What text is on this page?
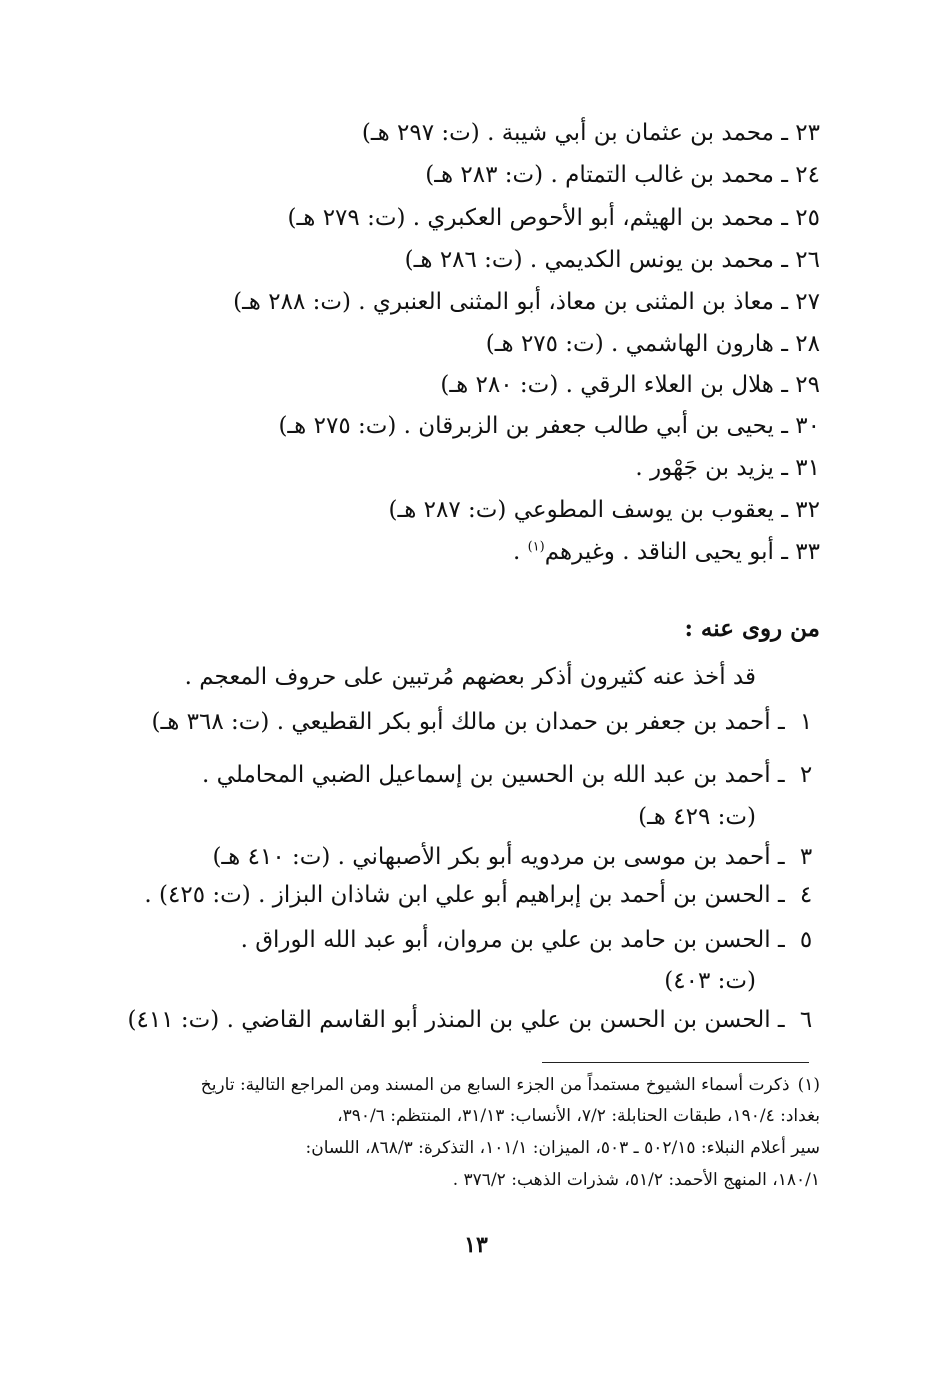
٢٣ ـ محمد بن عثمان بن أبي شيبة . (ت: ٢٩٧ هـ)
٢٤ ـ محمد بن غالب التمتام . (ت: ٢٨٣ هـ)
٢٥ ـ محمد بن الهيثم، أبو الأحوص العكبري . (ت: ٢٧٩ هـ)
٢٦ ـ محمد بن يونس الكديمي . (ت: ٢٨٦ هـ)
٢٧ ـ معاذ بن المثنى بن معاذ، أبو المثنى العنبري . (ت: ٢٨٨ هـ)
٢٨ ـ هارون الهاشمي . (ت: ٢٧٥ هـ)
٢٩ ـ هلال بن العلاء الرقي . (ت: ٢٨٠ هـ)
٣٠ ـ يحيى بن أبي طالب جعفر بن الزبرقان . (ت: ٢٧٥ هـ)
٣١ ـ يزيد بن جَهْور .
٣٢ ـ يعقوب بن يوسف المطوعي (ت: ٢٨٧ هـ)
٣٣ ـ أبو يحيى الناقد . وغيرهم$^{(١)}$ .
من روى عنه :
قد أخذ عنه كثيرون أذكر بعضهم مُرتبين على حروف المعجم .
١ ـ أحمد بن جعفر بن حمدان بن مالك أبو بكر القطيعي . (ت: ٣٦٨ هـ)
٢ ـ أحمد بن عبد الله بن الحسين بن إسماعيل الضبي المحاملي .
(ت: ٤٢٩ هـ)
٣ ـ أحمد بن موسى بن مردويه أبو بكر الأصبهاني . (ت: ٤١٠ هـ)
٤ ـ الحسن بن أحمد بن إبراهيم أبو علي ابن شاذان البزاز . (ت: ٤٢٥) .
٥ ـ الحسن بن حامد بن علي بن مروان، أبو عبد الله الوراق .
(ت: ٤٠٣)
٦ ـ الحسن بن الحسن بن علي بن المنذر أبو القاسم القاضي . (ت: ٤١١)
(١)ذكرت أسماء الشيوخ مستمداً من الجزء السابع من المسند ومن المراجع التالية: تاريخ
بغداد: ١٩٠/٤، طبقات الحنابلة: ٧/٢، الأنساب: ٣١/١٣، المنتظم: ٣٩٠/٦،
سير أعلام النبلاء: ٥٠٢/١٥ ـ ٥٠٣، الميزان: ١٠١/١، التذكرة: ٨٦٨/٣، اللسان:
١٨٠/١، المنهج الأحمد: ٥١/٢، شذرات الذهب: ٣٧٦/٢ .
١٣
